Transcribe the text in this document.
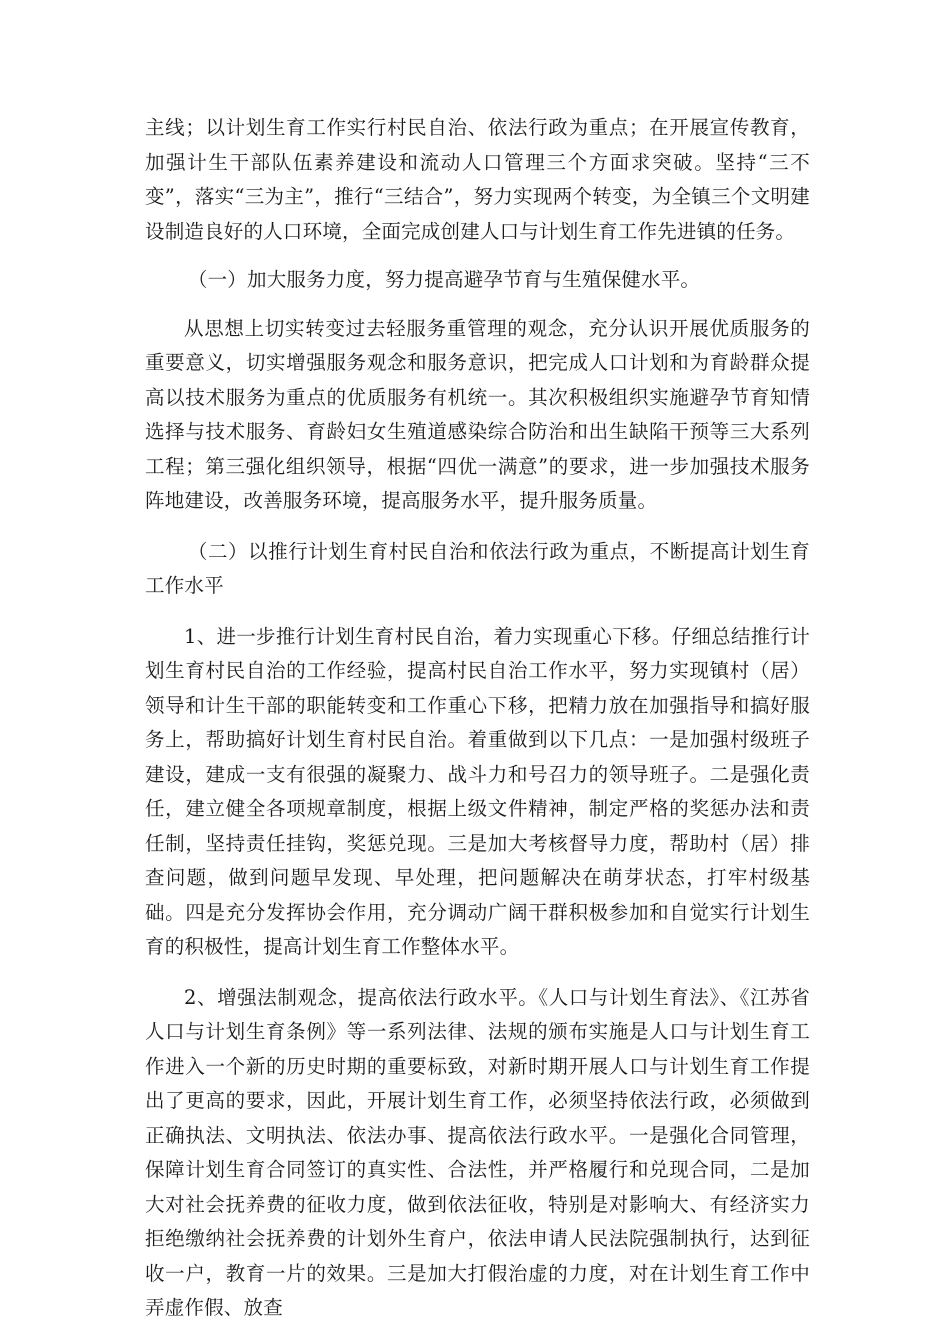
主线；以计划生育工作实行村民自治、依法行政为重点；在开展宣传教育，加强计生干部队伍素养建设和流动人口管理三个方面求突破。坚持“三不变”，落实“三为主”，推行“三结合”，努力实现两个转变，为全镇三个文明建设制造良好的人口环境，全面完成创建人口与计划生育工作先进镇的任务。

（一）加大服务力度，努力提高避孕节育与生殖保健水平。

从思想上切实转变过去轻服务重管理的观念，充分认识开展优质服务的重要意义，切实增强服务观念和服务意识，把完成人口计划和为育龄群众提高以技术服务为重点的优质服务有机统一。其次积极组织实施避孕节育知情选择与技术服务、育龄妇女生殖道感染综合防治和出生缺陷干预等三大系列工程；第三强化组织领导，根据“四优一满意”的要求，进一步加强技术服务阵地建设，改善服务环境，提高服务水平，提升服务质量。

（二）以推行计划生育村民自治和依法行政为重点，不断提高计划生育工作水平

1、进一步推行计划生育村民自治，着力实现重心下移。仔细总结推行计划生育村民自治的工作经验，提高村民自治工作水平，努力实现镇村（居）领导和计生干部的职能转变和工作重心下移，把精力放在加强指导和搞好服务上，帮助搞好计划生育村民自治。着重做到以下几点：一是加强村级班子建设，建成一支有很强的凝聚力、战斗力和号召力的领导班子。二是强化责任，建立健全各项规章制度，根据上级文件精神，制定严格的奖惩办法和责任制，坚持责任挂钩，奖惩兑现。三是加大考核督导力度，帮助村（居）排查问题，做到问题早发现、早处理，把问题解决在萌芽状态，打牢村级基础。四是充分发挥协会作用，充分调动广阔干群积极参加和自觉实行计划生育的积极性，提高计划生育工作整体水平。

2、增强法制观念，提高依法行政水平。《人口与计划生育法》、《江苏省人口与计划生育条例》等一系列法律、法规的颁布实施是人口与计划生育工作进入一个新的历史时期的重要标致，对新时期开展人口与计划生育工作提出了更高的要求，因此，开展计划生育工作，必须坚持依法行政，必须做到正确执法、文明执法、依法办事、提高依法行政水平。一是强化合同管理，保障计划生育合同签订的真实性、合法性，并严格履行和兑现合同，二是加大对社会抚养费的征收力度，做到依法征收，特别是对影响大、有经济实力拒绝缴纳社会抚养费的计划外生育户，依法申请人民法院强制执行，达到征收一户，教育一片的效果。三是加大打假治虚的力度，对在计划生育工作中弄虚作假、放查
